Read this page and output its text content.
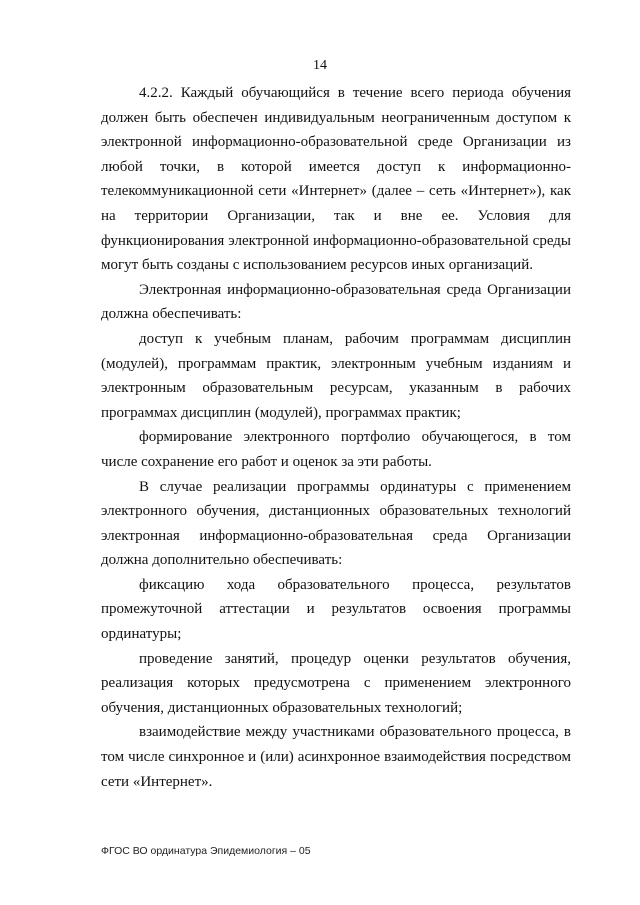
14

4.2.2. Каждый обучающийся в течение всего периода обучения должен быть обеспечен индивидуальным неограниченным доступом к электронной информационно-образовательной среде Организации из любой точки, в которой имеется доступ к информационно-телекоммуникационной сети «Интернет» (далее – сеть «Интернет»), как на территории Организации, так и вне ее. Условия для функционирования электронной информационно-образовательной среды могут быть созданы с использованием ресурсов иных организаций.

Электронная информационно-образовательная среда Организации должна обеспечивать:

доступ к учебным планам, рабочим программам дисциплин (модулей), программам практик, электронным учебным изданиям и электронным образовательным ресурсам, указанным в рабочих программах дисциплин (модулей), программах практик;

формирование электронного портфолио обучающегося, в том числе сохранение его работ и оценок за эти работы.

В случае реализации программы ординатуры с применением электронного обучения, дистанционных образовательных технологий электронная информационно-образовательная среда Организации должна дополнительно обеспечивать:

фиксацию хода образовательного процесса, результатов промежуточной аттестации и результатов освоения программы ординатуры;

проведение занятий, процедур оценки результатов обучения, реализация которых предусмотрена с применением электронного обучения, дистанционных образовательных технологий;

взаимодействие между участниками образовательного процесса, в том числе синхронное и (или) асинхронное взаимодействия посредством сети «Интернет».

ФГОС ВО ординатура Эпидемиология – 05
